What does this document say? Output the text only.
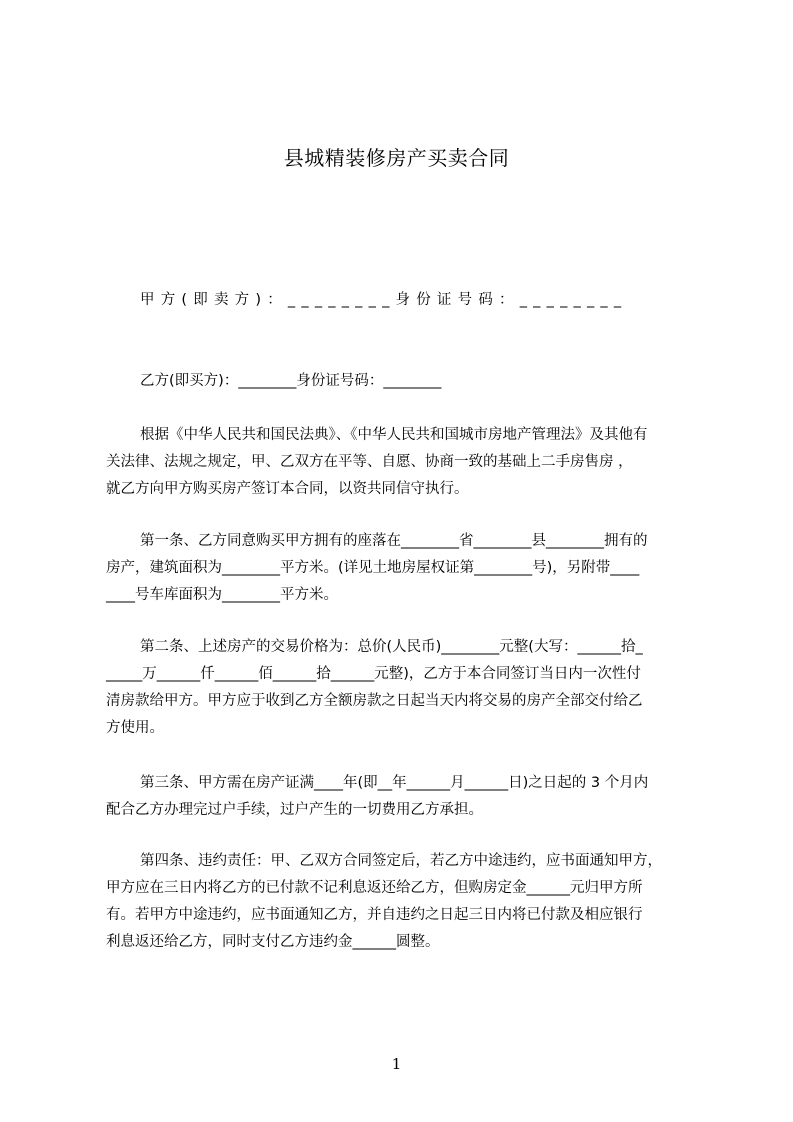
县城精装修房产买卖合同
甲方(即卖方)：________身份证号码：________
乙方(即买方)：________身份证号码：________
根据《中华人民共和国民法典》、《中华人民共和国城市房地产管理法》及其他有
关法律、法规之规定，甲、乙双方在平等、自愿、协商一致的基础上二手房售房 ，
就乙方向甲方购买房产签订本合同，以资共同信守执行。
第一条、乙方同意购买甲方拥有的座落在________省________县________拥有的
房产，建筑面积为________平方米。(详见土地房屋权证第________号)，另附带____
____号车库面积为________平方米。
第二条、上述房产的交易价格为：总价(人民币)________元整(大写：______拾_
_____万______仟______佰______拾______元整)，乙方于本合同签订当日内一次性付
清房款给甲方。甲方应于收到乙方全额房款之日起当天内将交易的房产全部交付给乙
方使用。
第三条、甲方需在房产证满____年(即__年______月______日)之日起的 3 个月内
配合乙方办理完过户手续，过户产生的一切费用乙方承担。
第四条、违约责任：甲、乙双方合同签定后，若乙方中途违约，应书面通知甲方，
甲方应在三日内将乙方的已付款不记利息返还给乙方，但购房定金______元归甲方所
有。若甲方中途违约，应书面通知乙方，并自违约之日起三日内将已付款及相应银行
利息返还给乙方，同时支付乙方违约金______圆整。
1
